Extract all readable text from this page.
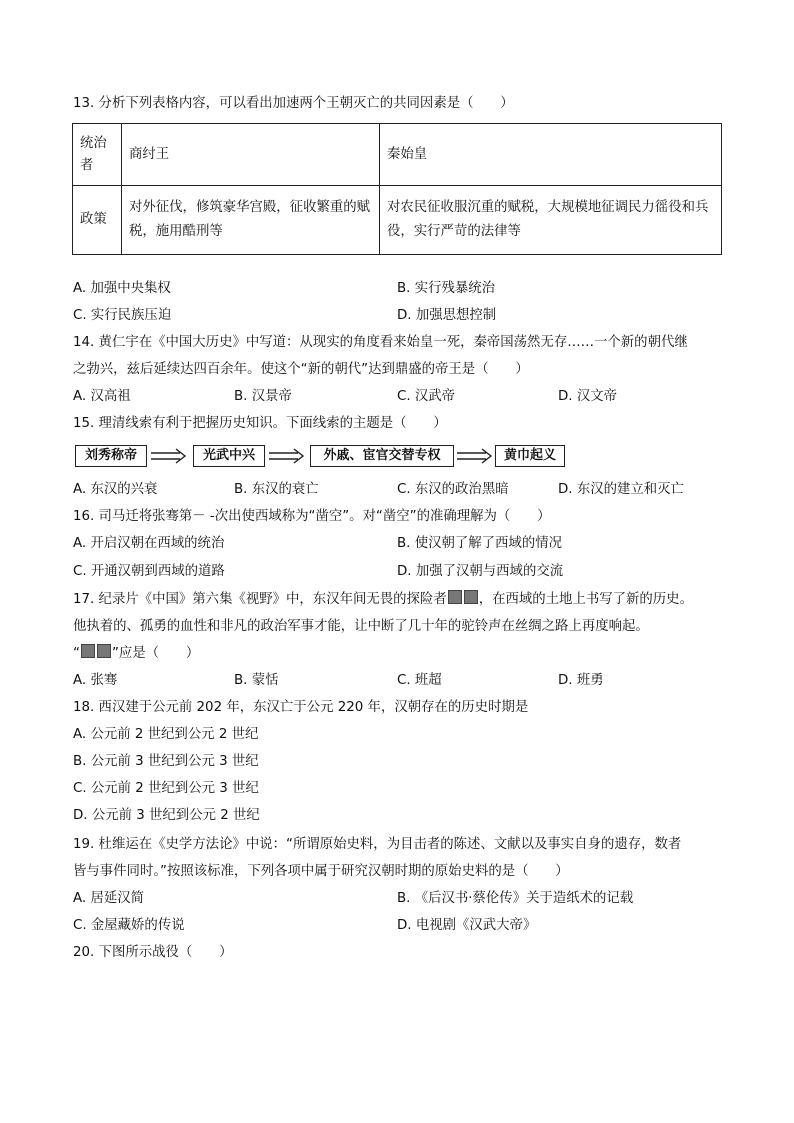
13. 分析下列表格内容，可以看出加速两个王朝灭亡的共同因素是（　　）
统治者	商纣王	秦始皇
政策	对外征伐，修筑豪华宫殿，征收繁重的赋税，施用酷刑等	对农民征收服沉重的赋税，大规模地征调民力徭役和兵役，实行严苛的法律等
A. 加强中央集权	B. 实行残暴统治
C. 实行民族压迫	D. 加强思想控制
14. 黄仁宇在《中国大历史》中写道：从现实的角度看来始皇一死，秦帝国荡然无存……一个新的朝代继
之勃兴，兹后延续达四百余年。使这个“新的朝代”达到鼎盛的帝王是（　　）
A. 汉高祖	B. 汉景帝	C. 汉武帝	D. 汉文帝
15. 理清线索有利于把握历史知识。下面线索的主题是（　　）
刘秀称帝	光武中兴	外戚、宦官交替专权	黄巾起义
A. 东汉的兴衰	B. 东汉的衰亡	C. 东汉的政治黑暗	D. 东汉的建立和灭亡
16. 司马迁将张骞第－ -次出使西域称为“凿空”。对“凿空”的准确理解为（　　）
A. 开启汉朝在西域的统治	B. 使汉朝了解了西域的情况
C. 开通汉朝到西域的道路	D. 加强了汉朝与西域的交流
17. 纪录片《中国》第六集《视野》中，东汉年间无畏的探险者 ，在西域的土地上书写了新的历史。
他执着的、孤勇的血性和非凡的政治军事才能，让中断了几十年的驼铃声在丝绸之路上再度响起。
“ ”应是（　　）
A. 张骞	B. 蒙恬	C. 班超	D. 班勇
18. 西汉建于公元前 202 年，东汉亡于公元 220 年，汉朝存在的历史时期是
A. 公元前 2 世纪到公元 2 世纪
B. 公元前 3 世纪到公元 3 世纪
C. 公元前 2 世纪到公元 3 世纪
D. 公元前 3 世纪到公元 2 世纪
19. 杜维运在《史学方法论》中说：“所谓原始史料，为目击者的陈述、文献以及事实自身的遗存，数者
皆与事件同时。”按照该标准，下列各项中属于研究汉朝时期的原始史料的是（　　）
A. 居延汉简	B. 《后汉书·蔡伦传》关于造纸术的记载
C. 金屋藏娇的传说	D. 电视剧《汉武大帝》
20. 下图所示战役（　　）
